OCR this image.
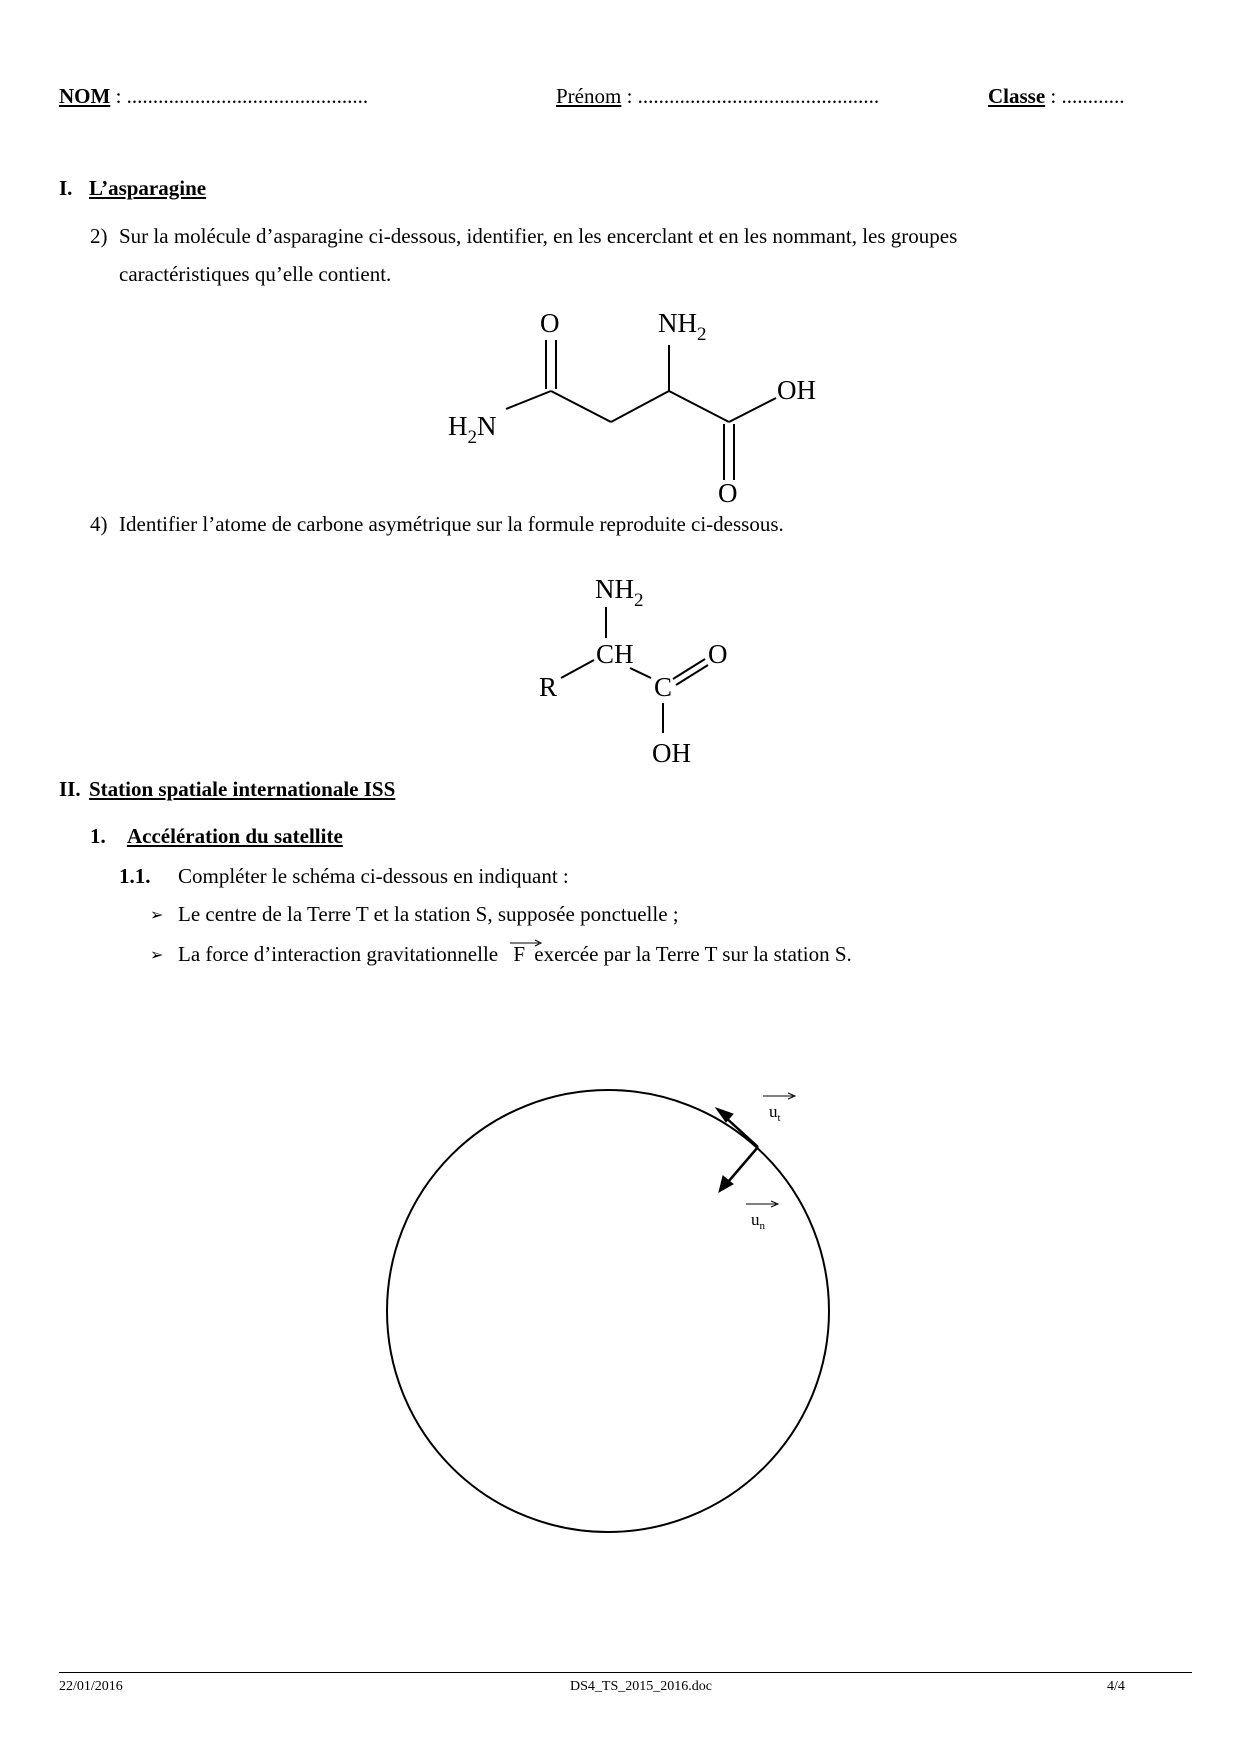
NOM : ..............................................	Prénom : ..............................................	Classe : ............
I. L’asparagine
2) Sur la molécule d’asparagine ci-dessous, identifier, en les encerclant et en les nommant, les groupes
caractéristiques qu’elle contient.
O	$NH_2$
$H_2N$
OH
O
4) Identifier l’atome de carbone asymétrique sur la formule reproduite ci-dessous.
$NH_2$
CH	O
R	C
OH
II. Station spatiale internationale ISS
1. Accélération du satellite
1.1. Compléter le schéma ci-dessous en indiquant :
➢ Le centre de la Terre T et la station S, supposée ponctuelle ;
➢ La force d’interaction gravitationnelle F exercée par la Terre T sur la station S.
$u_t$
$u_n$
22/01/2016	DS4_TS_2015_2016.doc	4/4
